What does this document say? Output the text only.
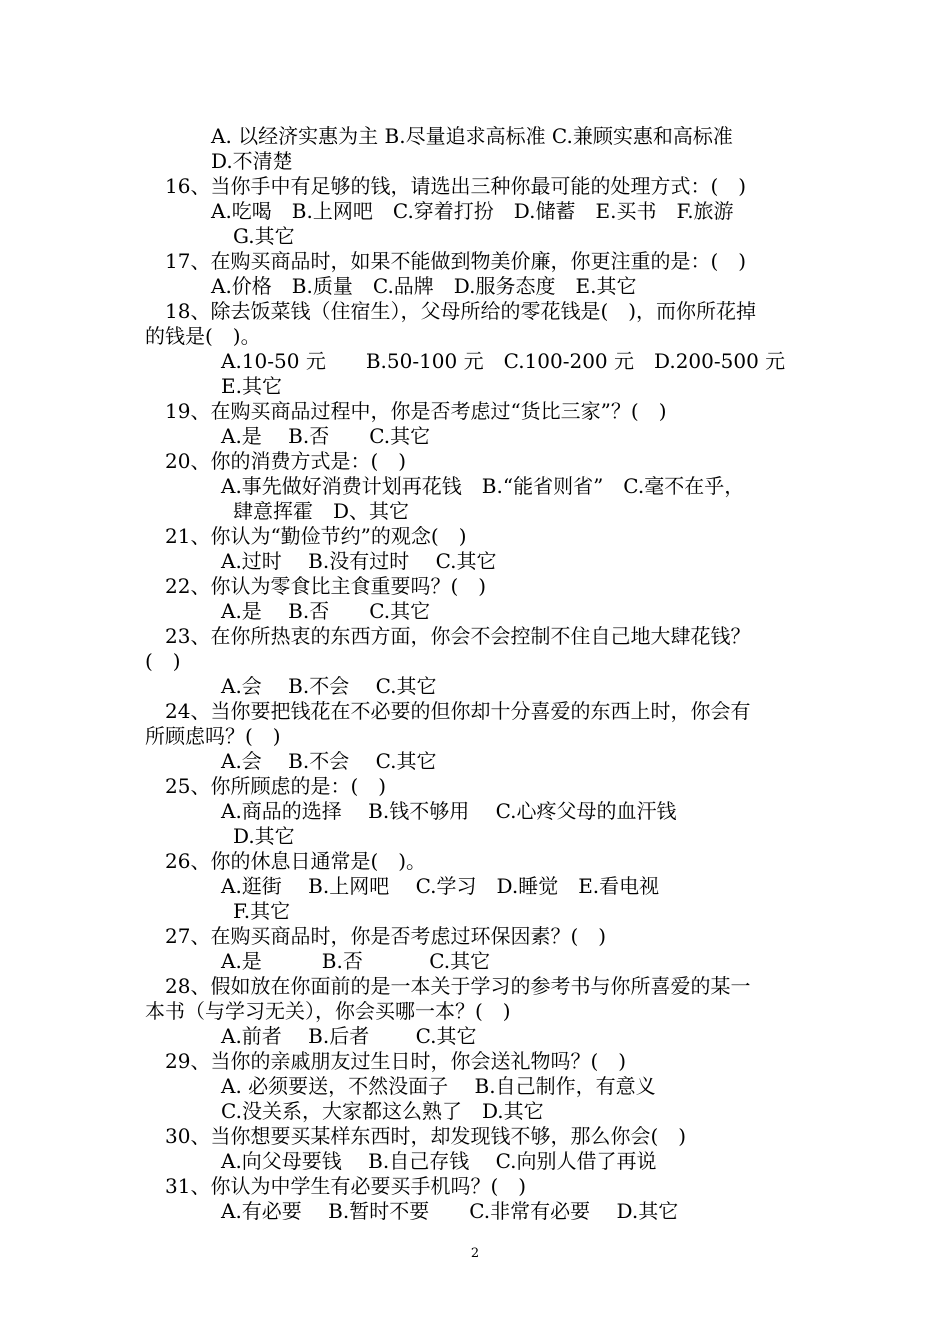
A. 以经济实惠为主 B.尽量追求高标准 C.兼顾实惠和高标准
D.不清楚
16、当你手中有足够的钱，请选出三种你最可能的处理方式：(　)
A.吃喝　B.上网吧　C.穿着打扮　D.储蓄　E.买书　F.旅游
G.其它
17、在购买商品时，如果不能做到物美价廉，你更注重的是：(　)
A.价格　B.质量　C.品牌　D.服务态度　E.其它
18、除去饭菜钱（住宿生），父母所给的零花钱是(　)，而你所花掉
的钱是(　)。
A.10-50 元　　B.50-100 元　C.100-200 元　D.200-500 元
E.其它
19、在购买商品过程中，你是否考虑过“货比三家”？(　)
A.是　 B.否　　C.其它
20、你的消费方式是：(　)
A.事先做好消费计划再花钱　B.“能省则省”　C.毫不在乎，
肆意挥霍　D、其它
21、你认为“勤俭节约”的观念(　)
A.过时　 B.没有过时　 C.其它
22、你认为零食比主食重要吗？(　)
A.是　 B.否　　C.其它
23、在你所热衷的东西方面，你会不会控制不住自己地大肆花钱？
(　)
A.会　 B.不会　 C.其它
24、当你要把钱花在不必要的但你却十分喜爱的东西上时，你会有
所顾虑吗？(　)
A.会　 B.不会　 C.其它
25、你所顾虑的是：(　)
A.商品的选择　 B.钱不够用　 C.心疼父母的血汗钱
D.其它
26、你的休息日通常是(　)。
A.逛街　 B.上网吧　 C.学习　D.睡觉　E.看电视
F.其它
27、在购买商品时，你是否考虑过环保因素？(　)
A.是　　　B.否　　　 C.其它
28、假如放在你面前的是一本关于学习的参考书与你所喜爱的某一
本书（与学习无关），你会买哪一本？(　)
A.前者　 B.后者　　 C.其它
29、当你的亲戚朋友过生日时，你会送礼物吗？(　)
A. 必须要送，不然没面子　 B.自己制作，有意义
C.没关系，大家都这么熟了　D.其它
30、当你想要买某样东西时，却发现钱不够，那么你会(　)
A.向父母要钱　 B.自己存钱　 C.向别人借了再说
31、你认为中学生有必要买手机吗？(　)
A.有必要　 B.暂时不要　　C.非常有必要　 D.其它
2
